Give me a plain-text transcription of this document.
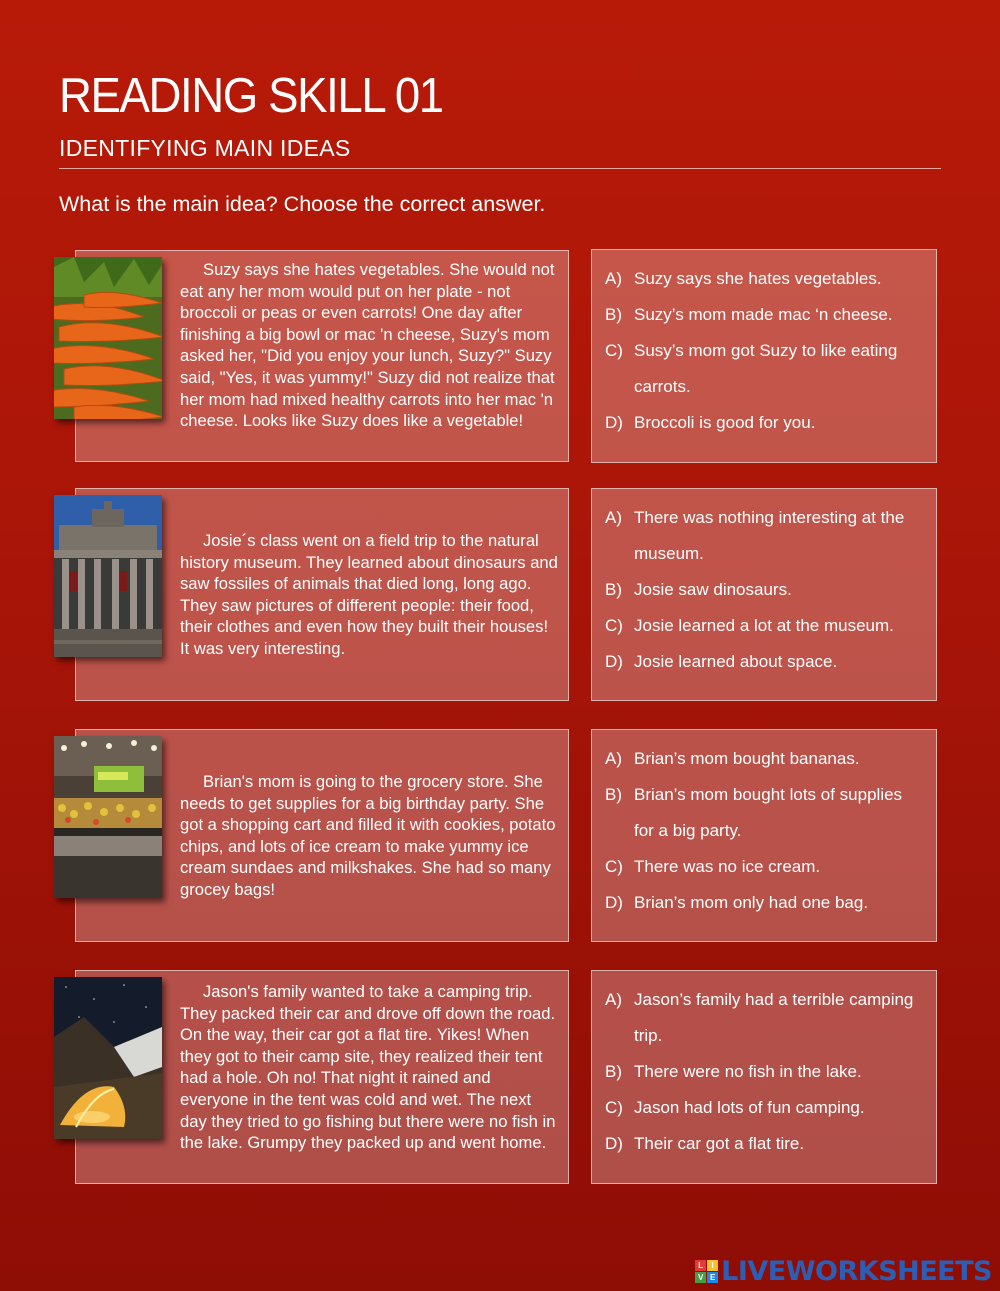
READING SKILL 01
IDENTIFYING MAIN IDEAS
What is the main idea? Choose the correct answer.
Suzy says she hates vegetables. She would not eat any her mom would put on her plate - not broccoli or peas or even carrots! One day after finishing a big bowl or mac 'n cheese, Suzy's mom asked her, "Did you enjoy your lunch, Suzy?" Suzy said, "Yes, it was yummy!" Suzy did not realize that her mom had mixed healthy carrots into her mac 'n cheese. Looks like Suzy does like a vegetable!
A) Suzy says she hates vegetables.
B) Suzy’s mom made mac ‘n cheese.
C) Susy’s mom got Suzy to like eating carrots.
D) Broccoli is good for you.
Josie´s class went on a field trip to the natural history museum. They learned about dinosaurs and saw fossiles of animals that died long, long ago. They saw pictures of different people: their food, their clothes and even how they built their houses! It was very interesting.
A) There was nothing interesting at the museum.
B) Josie saw dinosaurs.
C) Josie learned a lot at the museum.
D) Josie learned about space.
Brian's mom is going to the grocery store. She needs to get supplies for a big birthday party. She got a shopping cart and filled it with cookies, potato chips, and lots of ice cream to make yummy ice cream sundaes and milkshakes. She had so many grocey bags!
A) Brian’s mom bought bananas.
B) Brian’s mom bought lots of supplies for a big party.
C) There was no ice cream.
D) Brian’s mom only had one bag.
Jason's family wanted to take a camping trip. They packed their car and drove off down the road. On the way, their car got a flat tire. Yikes! When they got to their camp site, they realized their tent had a hole. Oh no! That night it rained and everyone in the tent was cold and wet. The next day they tried to go fishing but there were no fish in the lake. Grumpy they packed up and went home.
A) Jason’s family had a terrible camping trip.
B) There were no fish in the lake.
C) Jason had lots of fun camping.
D) Their car got a flat tire.
L	I
V E LIVEWORKSHEETS
